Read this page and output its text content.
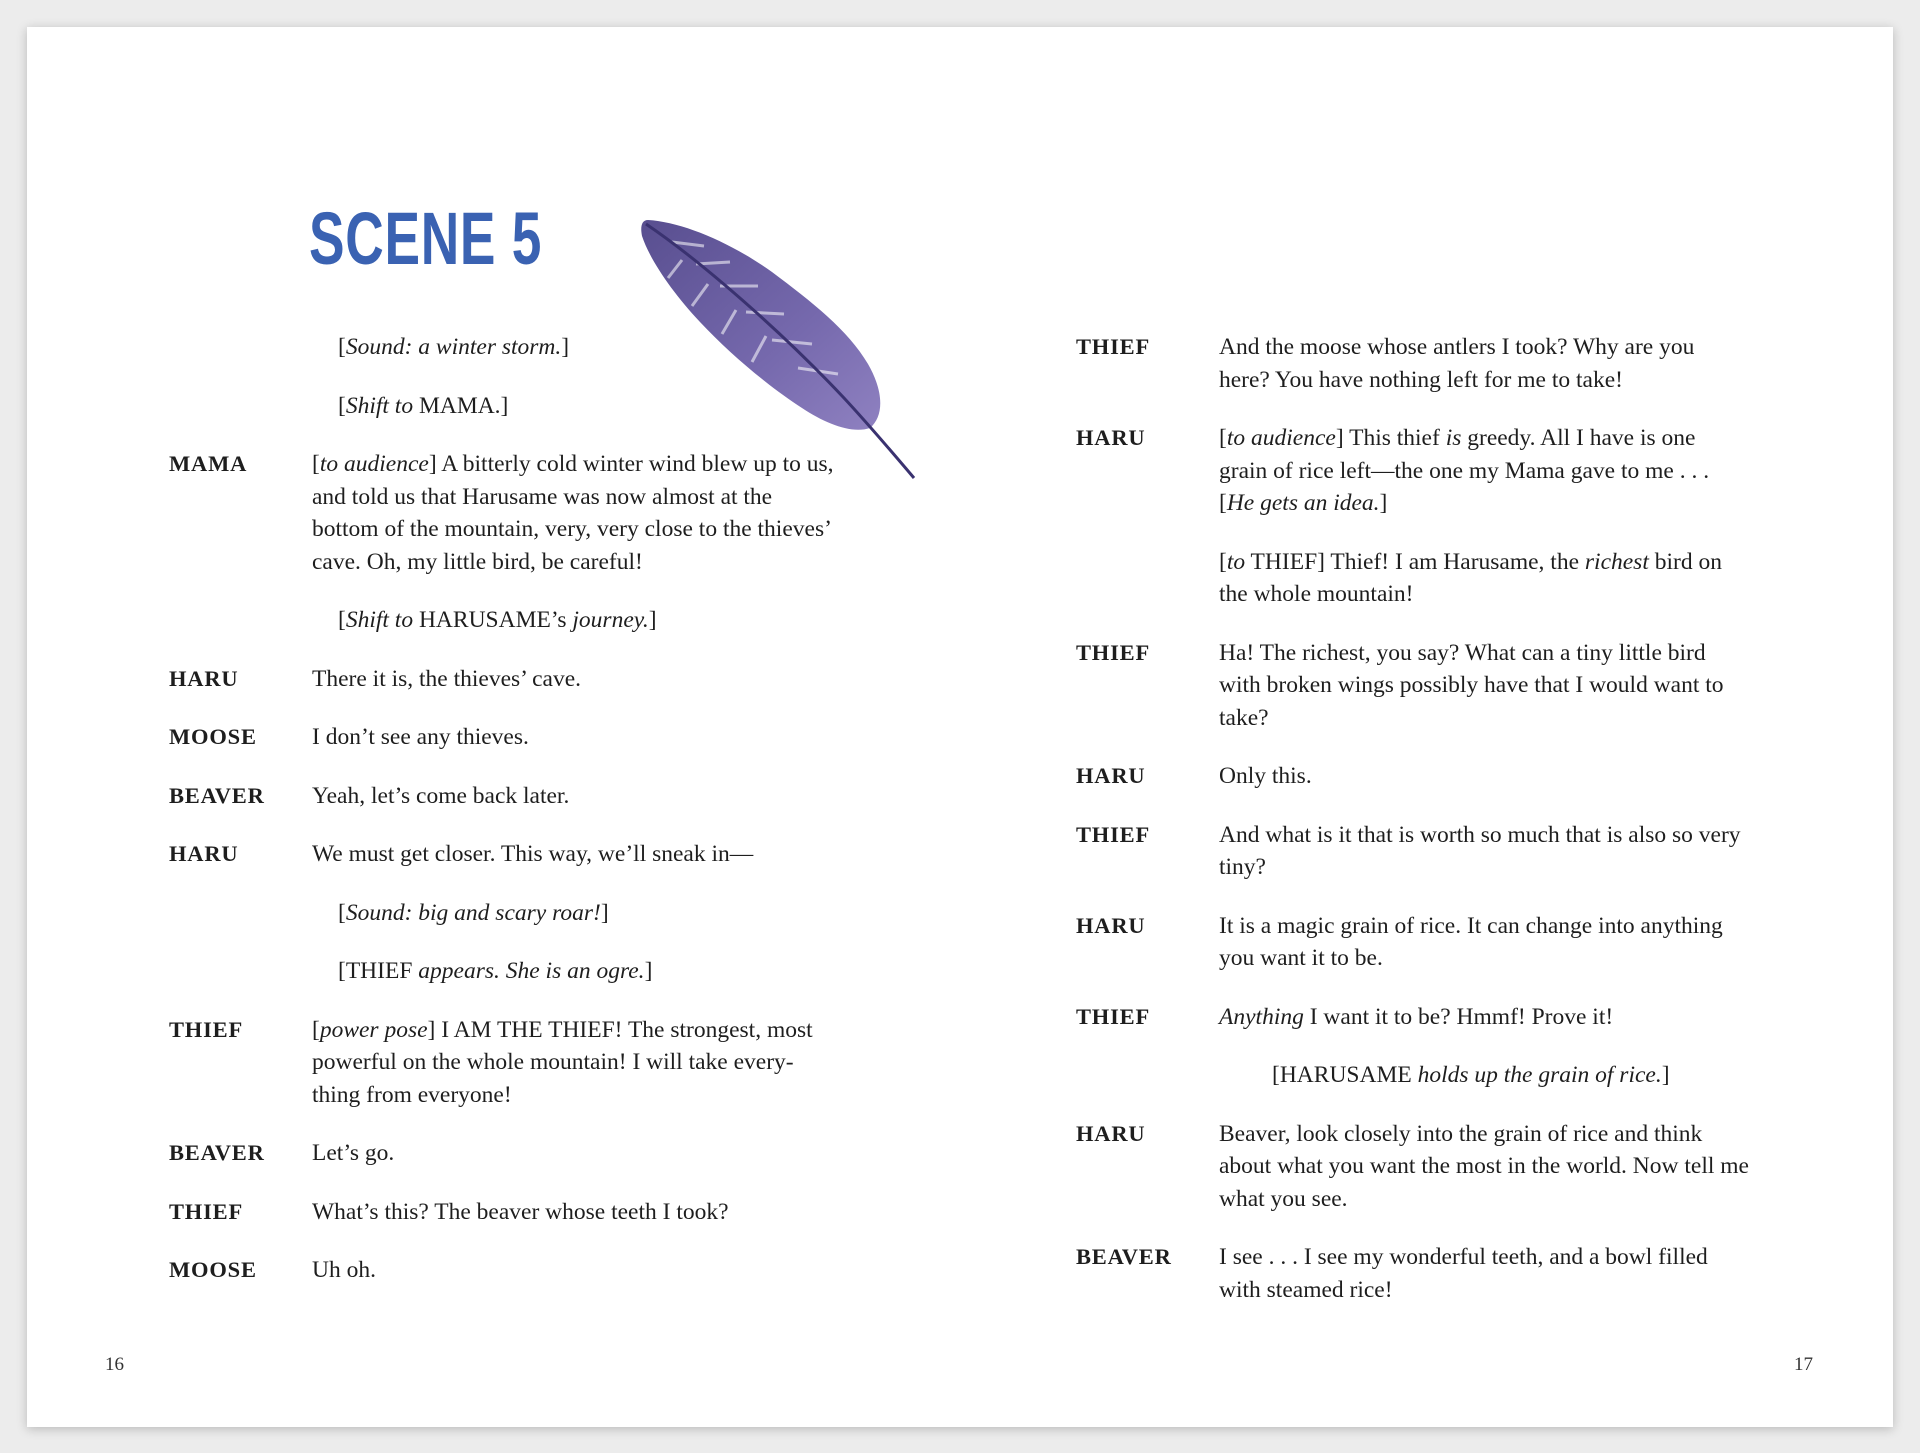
SCENE 5
[Sound: a winter storm.]
[Shift to MAMA.]
MAMA	[to audience] A bitterly cold winter wind blew up to us, and told us that Harusame was now almost at the bottom of the mountain, very, very close to the thieves’ cave. Oh, my little bird, be careful!
[Shift to HARUSAME’s journey.]
HARU	There it is, the thieves’ cave.
MOOSE	I don’t see any thieves.
BEAVER	Yeah, let’s come back later.
HARU	We must get closer. This way, we’ll sneak in—
[Sound: big and scary roar!]
[THIEF appears. She is an ogre.]
THIEF	[power pose] I AM THE THIEF! The strongest, most powerful on the whole mountain! I will take every- thing from everyone!
BEAVER	Let’s go.
THIEF	What’s this? The beaver whose teeth I took?
MOOSE	Uh oh.
THIEF	And the moose whose antlers I took? Why are you here? You have nothing left for me to take!
HARU	[to audience] This thief is greedy. All I have is one grain of rice left—the one my Mama gave to me . . . [He gets an idea.]
[to THIEF] Thief! I am Harusame, the richest bird on the whole mountain!
THIEF	Ha! The richest, you say? What can a tiny little bird with broken wings possibly have that I would want to take?
HARU	Only this.
THIEF	And what is it that is worth so much that is also so very tiny?
HARU	It is a magic grain of rice. It can change into anything you want it to be.
THIEF	Anything I want it to be? Hmmf! Prove it!
[HARUSAME holds up the grain of rice.]
HARU	Beaver, look closely into the grain of rice and think about what you want the most in the world. Now tell me what you see.
BEAVER	I see . . . I see my wonderful teeth, and a bowl filled with steamed rice!
16	17
